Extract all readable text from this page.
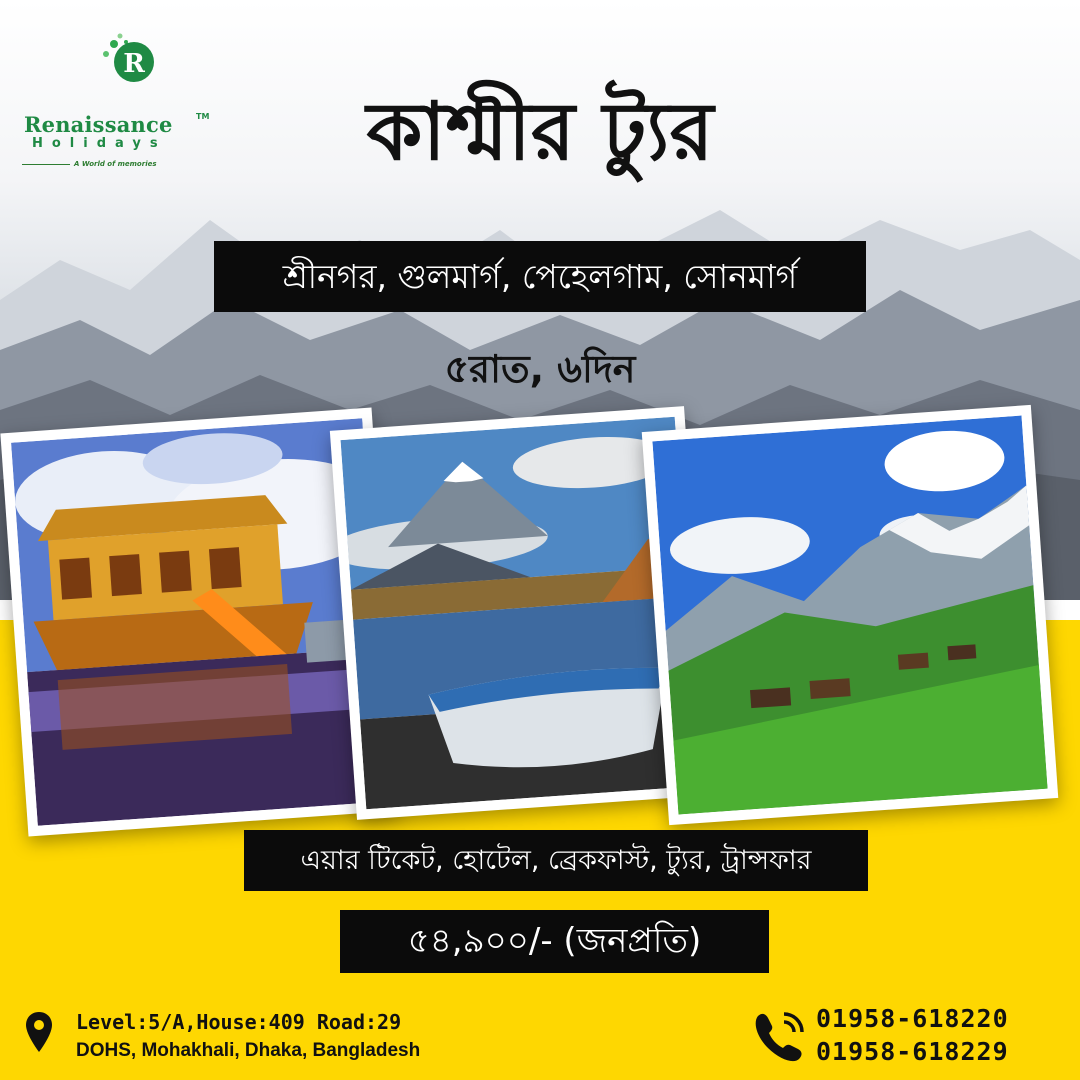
R
Renaissance	TM
Holidays
A World of memories	কাশ্মীর ট্যুর
শ্রীনগর, গুলমার্গ, পেহেলগাম, সোনমার্গ
৫রাত, ৬দিন
এয়ার টিকেট, হোটেল, ব্রেকফাস্ট, ট্যুর, ট্রান্সফার
৫৪,৯০০/- (জনপ্রতি)
Level:5/A,House:409 Road:29
DOHS, Mohakhali, Dhaka, Bangladesh
01958-618220
01958-618229
